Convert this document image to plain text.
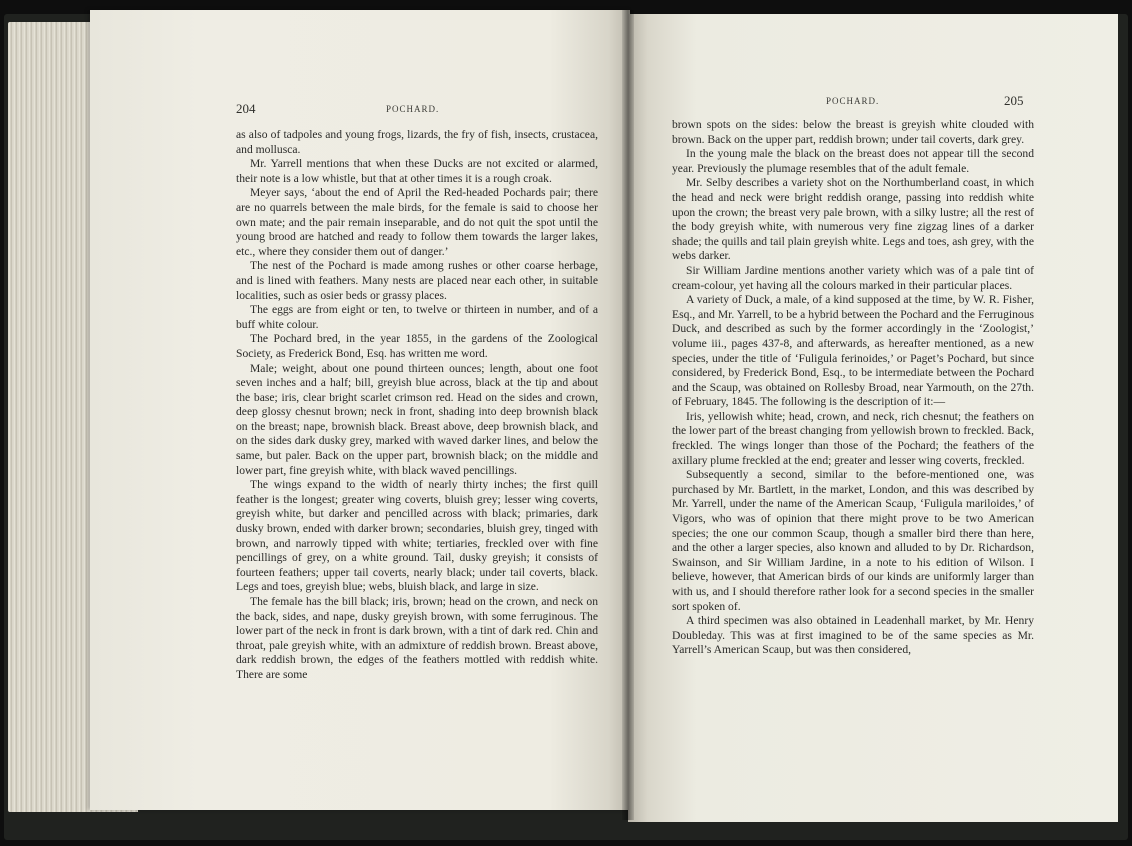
204	POCHARD.
POCHARD.	205

as also of tadpoles and young frogs, lizards, the fry of fish, insects, crustacea, and mollusca.

Mr. Yarrell mentions that when these Ducks are not excited or alarmed, their note is a low whistle, but that at other times it is a rough croak.

Meyer says, ‘about the end of April the Red-headed Pochards pair; there are no quarrels between the male birds, for the female is said to choose her own mate; and the pair remain inseparable, and do not quit the spot until the young brood are hatched and ready to follow them towards the larger lakes, etc., where they consider them out of danger.’

The nest of the Pochard is made among rushes or other coarse herbage, and is lined with feathers. Many nests are placed near each other, in suitable localities, such as osier beds or grassy places.

The eggs are from eight or ten, to twelve or thirteen in number, and of a buff white colour.

The Pochard bred, in the year 1855, in the gardens of the Zoological Society, as Frederick Bond, Esq. has written me word.

Male; weight, about one pound thirteen ounces; length, about one foot seven inches and a half; bill, greyish blue across, black at the tip and about the base; iris, clear bright scarlet crimson red. Head on the sides and crown, deep glossy chesnut brown; neck in front, shading into deep brownish black on the breast; nape, brownish black. Breast above, deep brownish black, and on the sides dark dusky grey, marked with waved darker lines, and below the same, but paler. Back on the upper part, brownish black; on the middle and lower part, fine greyish white, with black waved pencillings.

The wings expand to the width of nearly thirty inches; the first quill feather is the longest; greater wing coverts, bluish grey; lesser wing coverts, greyish white, but darker and pencilled across with black; primaries, dark dusky brown, ended with darker brown; secondaries, bluish grey, tinged with brown, and narrowly tipped with white; tertiaries, freckled over with fine pencillings of grey, on a white ground. Tail, dusky greyish; it consists of fourteen feathers; upper tail coverts, nearly black; under tail coverts, black. Legs and toes, greyish blue; webs, bluish black, and large in size.

The female has the bill black; iris, brown; head on the crown, and neck on the back, sides, and nape, dusky greyish brown, with some ferruginous. The lower part of the neck in front is dark brown, with a tint of dark red. Chin and throat, pale greyish white, with an admixture of reddish brown. Breast above, dark reddish brown, the edges of the feathers mottled with reddish white. There are some

brown spots on the sides: below the breast is greyish white clouded with brown. Back on the upper part, reddish brown; under tail coverts, dark grey.

In the young male the black on the breast does not appear till the second year. Previously the plumage resembles that of the adult female.

Mr. Selby describes a variety shot on the Northumberland coast, in which the head and neck were bright reddish orange, passing into reddish white upon the crown; the breast very pale brown, with a silky lustre; all the rest of the body greyish white, with numerous very fine zigzag lines of a darker shade; the quills and tail plain greyish white. Legs and toes, ash grey, with the webs darker.

Sir William Jardine mentions another variety which was of a pale tint of cream-colour, yet having all the colours marked in their particular places.

A variety of Duck, a male, of a kind supposed at the time, by W. R. Fisher, Esq., and Mr. Yarrell, to be a hybrid between the Pochard and the Ferruginous Duck, and described as such by the former accordingly in the ‘Zoologist,’ volume iii., pages 437-8, and afterwards, as hereafter mentioned, as a new species, under the title of ‘Fuligula ferinoides,’ or Paget’s Pochard, but since considered, by Frederick Bond, Esq., to be intermediate between the Pochard and the Scaup, was obtained on Rollesby Broad, near Yarmouth, on the 27th. of February, 1845. The following is the description of it:—

Iris, yellowish white; head, crown, and neck, rich chesnut; the feathers on the lower part of the breast changing from yellowish brown to freckled. Back, freckled. The wings longer than those of the Pochard; the feathers of the axillary plume freckled at the end; greater and lesser wing coverts, freckled.

Subsequently a second, similar to the before-mentioned one, was purchased by Mr. Bartlett, in the market, London, and this was described by Mr. Yarrell, under the name of the American Scaup, ‘Fuligula mariloides,’ of Vigors, who was of opinion that there might prove to be two American species; the one our common Scaup, though a smaller bird there than here, and the other a larger species, also known and alluded to by Dr. Richardson, Swainson, and Sir William Jardine, in a note to his edition of Wilson. I believe, however, that American birds of our kinds are uniformly larger than with us, and I should therefore rather look for a second species in the smaller sort spoken of.

A third specimen was also obtained in Leadenhall market, by Mr. Henry Doubleday. This was at first imagined to be of the same species as Mr. Yarrell’s American Scaup, but was then considered,
